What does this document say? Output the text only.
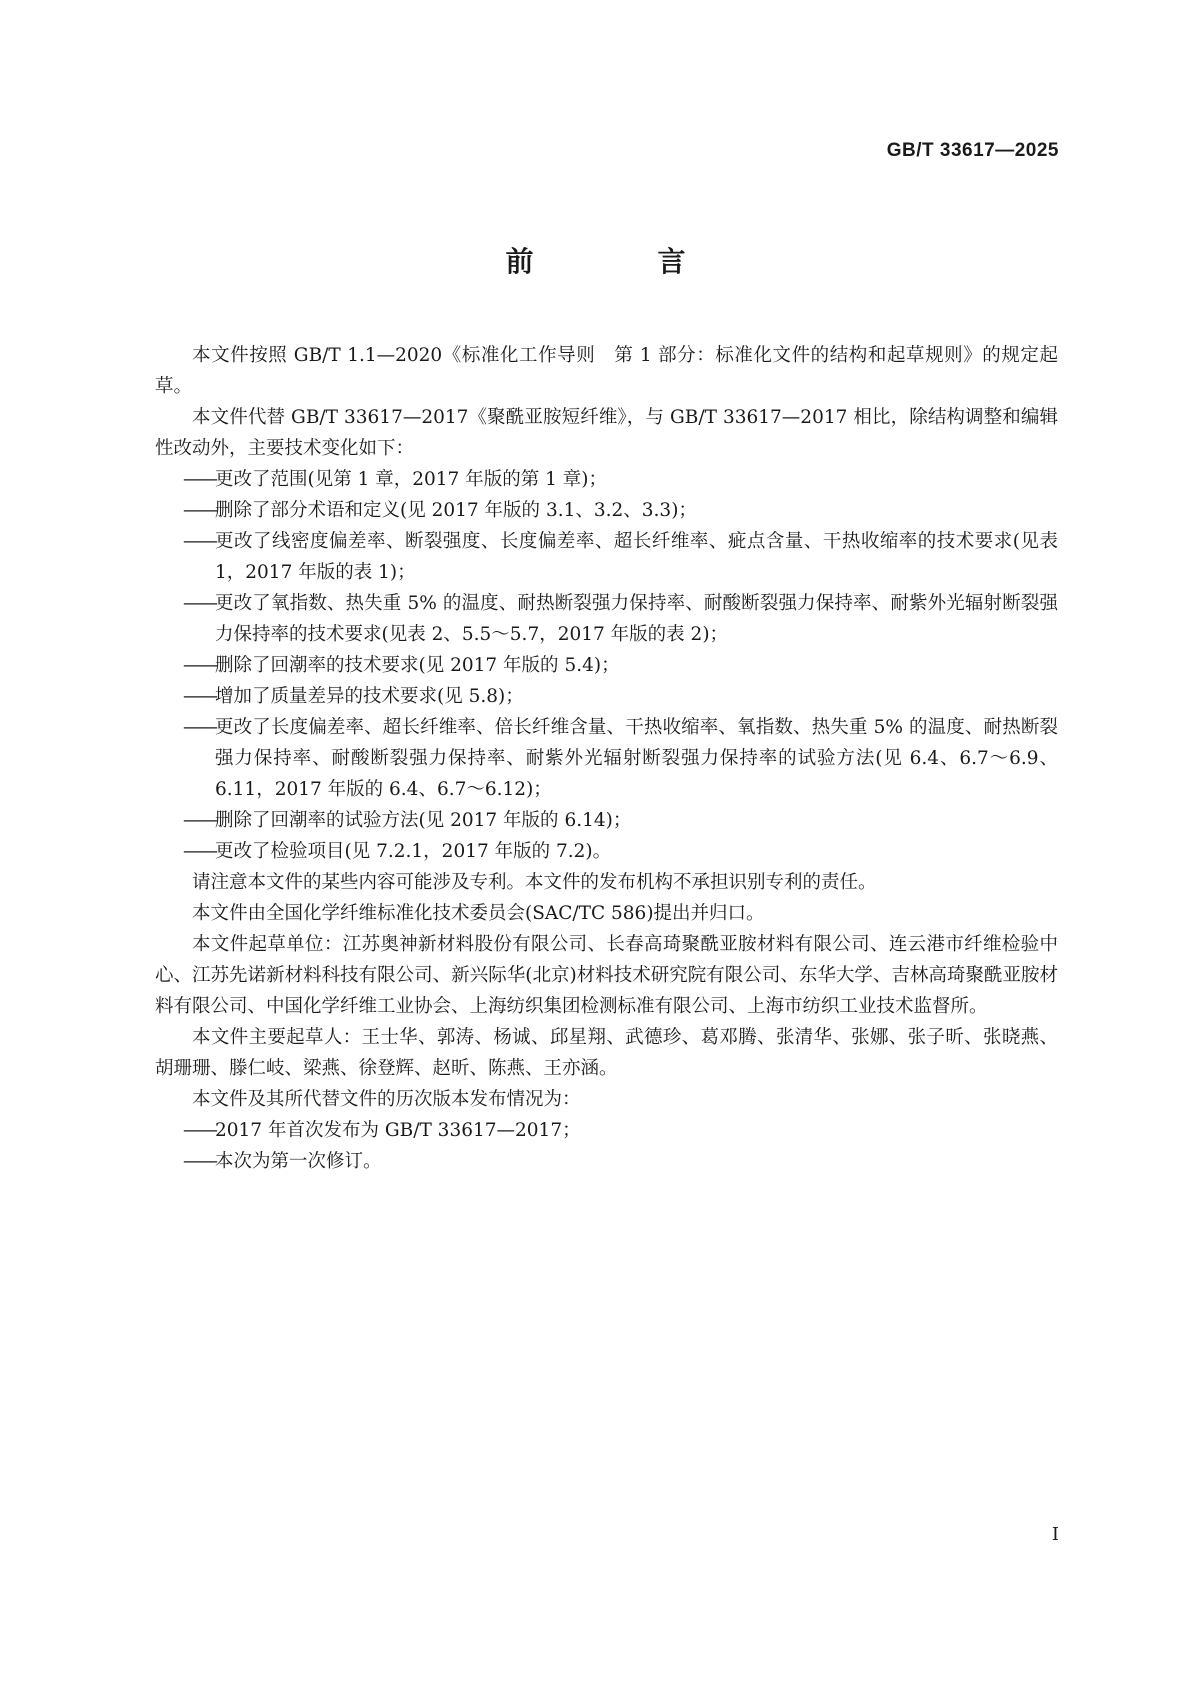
GB/T 33617—2025
前　言

本文件按照 GB/T 1.1—2020《标准化工作导则　第 1 部分：标准化文件的结构和起草规则》的规定起草。

本文件代替 GB/T 33617—2017《聚酰亚胺短纤维》，与 GB/T 33617—2017 相比，除结构调整和编辑性改动外，主要技术变化如下：

—— 更改了范围(见第 1 章，2017 年版的第 1 章)；

—— 删除了部分术语和定义(见 2017 年版的 3.1、3.2、3.3)；

—— 更改了线密度偏差率、断裂强度、长度偏差率、超长纤维率、疵点含量、干热收缩率的技术要求(见表 1，2017 年版的表 1)；

—— 更改了氧指数、热失重 5% 的温度、耐热断裂强力保持率、耐酸断裂强力保持率、耐紫外光辐射断裂强力保持率的技术要求(见表 2、5.5～5.7，2017 年版的表 2)；

—— 删除了回潮率的技术要求(见 2017 年版的 5.4)；

—— 增加了质量差异的技术要求(见 5.8)；

—— 更改了长度偏差率、超长纤维率、倍长纤维含量、干热收缩率、氧指数、热失重 5% 的温度、耐热断裂强力保持率、耐酸断裂强力保持率、耐紫外光辐射断裂强力保持率的试验方法(见 6.4、6.7～6.9、6.11，2017 年版的 6.4、6.7～6.12)；

—— 删除了回潮率的试验方法(见 2017 年版的 6.14)；

—— 更改了检验项目(见 7.2.1，2017 年版的 7.2)。

请注意本文件的某些内容可能涉及专利。本文件的发布机构不承担识别专利的责任。

本文件由全国化学纤维标准化技术委员会(SAC/TC 586)提出并归口。

本文件起草单位：江苏奥神新材料股份有限公司、长春高琦聚酰亚胺材料有限公司、连云港市纤维检验中心、江苏先诺新材料科技有限公司、新兴际华(北京)材料技术研究院有限公司、东华大学、吉林高琦聚酰亚胺材料有限公司、中国化学纤维工业协会、上海纺织集团检测标准有限公司、上海市纺织工业技术监督所。

本文件主要起草人：王士华、郭涛、杨诚、邱星翔、武德珍、葛邓腾、张清华、张娜、张子昕、张晓燕、胡珊珊、滕仁岐、梁燕、徐登辉、赵昕、陈燕、王亦涵。

本文件及其所代替文件的历次版本发布情况为：

—— 2017 年首次发布为 GB/T 33617—2017；

—— 本次为第一次修订。

I
